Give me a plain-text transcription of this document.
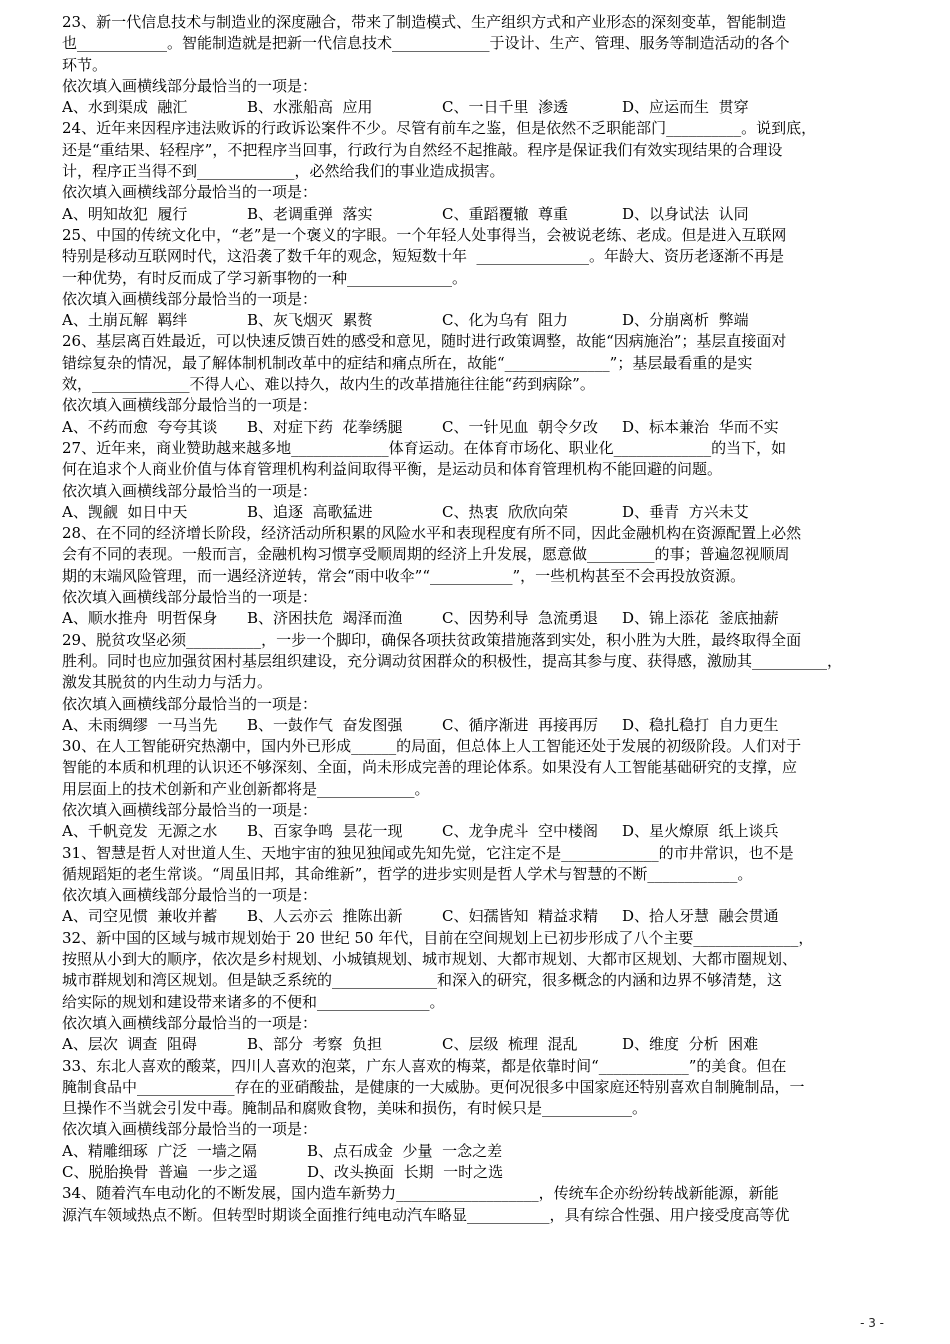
23、新一代信息技术与制造业的深度融合，带来了制造模式、生产组织方式和产业形态的深刻变革，智能制造
也____________。智能制造就是把新一代信息技术_____________于设计、生产、管理、服务等制造活动的各个
环节。
依次填入画横线部分最恰当的一项是：
A、水到渠成  融汇	B、水涨船高  应用	C、一日千里  渗透	D、应运而生  贯穿
24、近年来因程序违法败诉的行政诉讼案件不少。尽管有前车之鉴，但是依然不乏职能部门__________。说到底，
还是“重结果、轻程序”，不把程序当回事，行政行为自然经不起推敲。程序是保证我们有效实现结果的合理设
计，程序正当得不到_____________，必然给我们的事业造成损害。
依次填入画横线部分最恰当的一项是：
A、明知故犯  履行	B、老调重弹  落实	C、重蹈覆辙  尊重	D、以身试法  认同
25、中国的传统文化中，“老”是一个褒义的字眼。一个年轻人处事得当，会被说老练、老成。但是进入互联网
特别是移动互联网时代，这沿袭了数千年的观念，短短数十年  _______________。年龄大、资历老逐渐不再是
一种优势，有时反而成了学习新事物的一种______________。
依次填入画横线部分最恰当的一项是：
A、土崩瓦解  羁绊	B、灰飞烟灭  累赘	C、化为乌有  阻力	D、分崩离析  弊端
26、基层离百姓最近，可以快速反馈百姓的感受和意见，随时进行政策调整，故能“因病施治”；基层直接面对
错综复杂的情况，最了解体制机制改革中的症结和痛点所在，故能“______________”；基层最看重的是实
效，_____________不得人心、难以持久，故内生的改革措施往往能“药到病除”。
依次填入画横线部分最恰当的一项是：
A、不药而愈  夸夸其谈 B、对症下药  花拳绣腿	C、一针见血  朝令夕改 D、标本兼治  华而不实
27、近年来，商业赞助越来越多地_____________体育运动。在体育市场化、职业化_____________的当下，如
何在追求个人商业价值与体育管理机构利益间取得平衡，是运动员和体育管理机构不能回避的问题。
依次填入画横线部分最恰当的一项是：
A、觊觎  如日中天	B、追逐  高歌猛进	C、热衷  欣欣向荣	D、垂青  方兴未艾
28、在不同的经济增长阶段，经济活动所积累的风险水平和表现程度有所不同，因此金融机构在资源配置上必然
会有不同的表现。一般而言，金融机构习惯享受顺周期的经济上升发展，愿意做_________的事；普遍忽视顺周
期的末端风险管理，而一遇经济逆转，常会“雨中收伞”“___________”，一些机构甚至不会再投放资源。
依次填入画横线部分最恰当的一项是：
A、顺水推舟  明哲保身 B、济困扶危  竭泽而渔	C、因势利导  急流勇退 D、锦上添花  釜底抽薪
29、脱贫攻坚必须__________，一步一个脚印，确保各项扶贫政策措施落到实处，积小胜为大胜，最终取得全面
胜利。同时也应加强贫困村基层组织建设，充分调动贫困群众的积极性，提高其参与度、获得感，激励其__________，
激发其脱贫的内生动力与活力。
依次填入画横线部分最恰当的一项是：
A、未雨绸缪  一马当先 B、一鼓作气  奋发图强	C、循序渐进  再接再厉 D、稳扎稳打  自力更生
30、在人工智能研究热潮中，国内外已形成______的局面，但总体上人工智能还处于发展的初级阶段。人们对于
智能的本质和机理的认识还不够深刻、全面，尚未形成完善的理论体系。如果没有人工智能基础研究的支撑，应
用层面上的技术创新和产业创新都将是_____________。
依次填入画横线部分最恰当的一项是：
A、千帆竞发  无源之水 B、百家争鸣  昙花一现	C、龙争虎斗  空中楼阁 D、星火燎原  纸上谈兵
31、智慧是哲人对世道人生、天地宇宙的独见独闻或先知先觉，它注定不是_____________的市井常识，也不是
循规蹈矩的老生常谈。“周虽旧邦，其命维新”，哲学的进步实则是哲人学术与智慧的不断____________。
依次填入画横线部分最恰当的一项是：
A、司空见惯  兼收并蓄 B、人云亦云  推陈出新	C、妇孺皆知  精益求精 D、拾人牙慧  融会贯通
32、新中国的区域与城市规划始于 20 世纪 50 年代，目前在空间规划上已初步形成了八个主要______________，
按照从小到大的顺序，依次是乡村规划、小城镇规划、城市规划、大都市规划、大都市区规划、大都市圈规划、
城市群规划和湾区规划。但是缺乏系统的______________和深入的研究，很多概念的内涵和边界不够清楚，这
给实际的规划和建设带来诸多的不便和_______________。
依次填入画横线部分最恰当的一项是：
A、层次  调查  阻碍	B、部分  考察  负担	C、层级  梳理  混乱	D、维度  分析  困难
33、东北人喜欢的酸菜，四川人喜欢的泡菜，广东人喜欢的梅菜，都是依靠时间“____________”的美食。但在
腌制食品中_____________存在的亚硝酸盐，是健康的一大威胁。更何况很多中国家庭还特别喜欢自制腌制品，一
旦操作不当就会引发中毒。腌制品和腐败食物，美味和损伤，有时候只是____________。
依次填入画横线部分最恰当的一项是：
A、精雕细琢  广泛  一墙之隔	B、点石成金  少量  一念之差
C、脱胎换骨  普遍  一步之遥	D、改头换面  长期  一时之选
34、随着汽车电动化的不断发展，国内造车新势力___________________，传统车企亦纷纷转战新能源，新能
源汽车领域热点不断。但转型时期谈全面推行纯电动汽车略显___________，具有综合性强、用户接受度高等优
- 3 -
